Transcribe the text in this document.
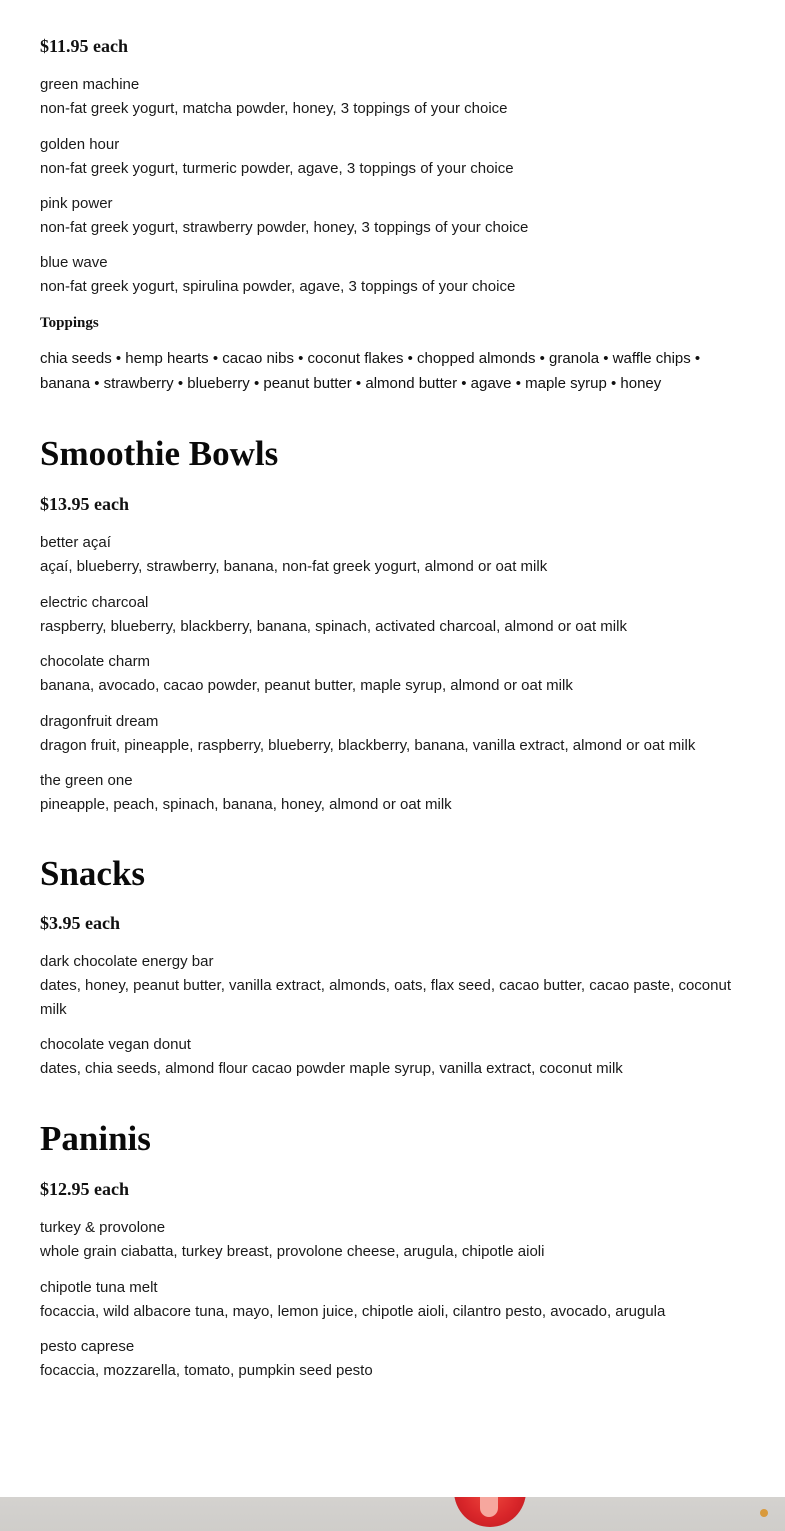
$11.95 each

green machine
non-fat greek yogurt, matcha powder, honey, 3 toppings of your choice
golden hour
non-fat greek yogurt, turmeric powder, agave, 3 toppings of your choice
pink power
non-fat greek yogurt, strawberry powder, honey, 3 toppings of your choice
blue wave
non-fat greek yogurt, spirulina powder, agave, 3 toppings of your choice

Toppings

chia seeds • hemp hearts • cacao nibs • coconut flakes • chopped almonds • granola • waffle chips •
banana • strawberry • blueberry • peanut butter • almond butter • agave • maple syrup • honey
Smoothie Bowls

$13.95 each

better açaí
açaí, blueberry, strawberry, banana, non-fat greek yogurt, almond or oat milk
electric charcoal
raspberry, blueberry, blackberry, banana, spinach, activated charcoal, almond or oat milk
chocolate charm
banana, avocado, cacao powder, peanut butter, maple syrup, almond or oat milk
dragonfruit dream
dragon fruit, pineapple, raspberry, blueberry, blackberry, banana, vanilla extract, almond or oat milk
the green one
pineapple, peach, spinach, banana, honey, almond or oat milk
Snacks

$3.95 each

dark chocolate energy bar
dates, honey, peanut butter, vanilla extract, almonds, oats, flax seed, cacao butter, cacao paste, coconut milk
chocolate vegan donut
dates, chia seeds, almond flour cacao powder maple syrup, vanilla extract, coconut milk
Paninis

$12.95 each

turkey & provolone
whole grain ciabatta, turkey breast, provolone cheese, arugula, chipotle aioli
chipotle tuna melt
focaccia, wild albacore tuna, mayo, lemon juice, chipotle aioli, cilantro pesto, avocado, arugula
pesto caprese
focaccia, mozzarella, tomato, pumpkin seed pesto
